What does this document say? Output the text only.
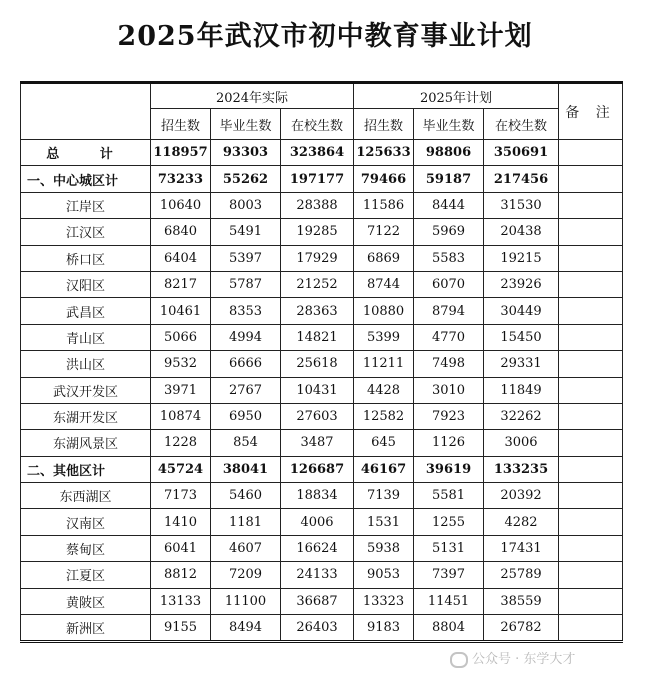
2025年武汉市初中教育事业计划
	2024年实际			2025年计划			备 注
	招生数	毕业生数	在校生数	招生数	毕业生数	在校生数	
总 计	118957	93303	323864	125633	98806	350691	
一、中心城区计	73233	55262	197177	79466	59187	217456	
江岸区	10640	8003	28388	11586	8444	31530	
江汉区	6840	5491	19285	7122	5969	20438	
桥口区	6404	5397	17929	6869	5583	19215	
汉阳区	8217	5787	21252	8744	6070	23926	
武昌区	10461	8353	28363	10880	8794	30449	
青山区	5066	4994	14821	5399	4770	15450	
洪山区	9532	6666	25618	11211	7498	29331	
武汉开发区	3971	2767	10431	4428	3010	11849	
东湖开发区	10874	6950	27603	12582	7923	32262	
东湖风景区	1228	854	3487	645	1126	3006	
二、其他区计	45724	38041	126687	46167	39619	133235	
东西湖区	7173	5460	18834	7139	5581	20392	
汉南区	1410	1181	4006	1531	1255	4282	
蔡甸区	6041	4607	16624	5938	5131	17431	
江夏区	8812	7209	24133	9053	7397	25789	
黄陂区	13133	11100	36687	13323	11451	38559	
新洲区	9155	8494	26403	9183	8804	26782	
公众号 · 东学大才
